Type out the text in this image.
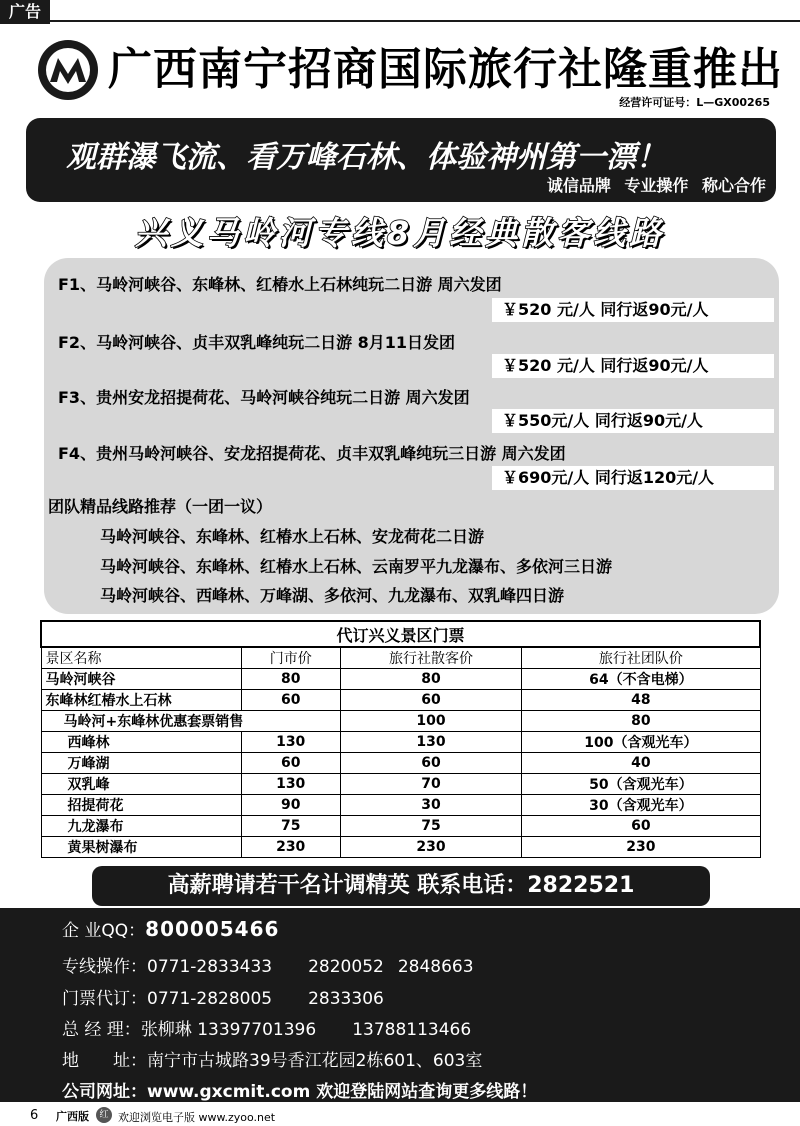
广告
广西南宁招商国际旅行社隆重推出
经营许可证号：L—GX00265
观群瀑飞流、看万峰石林、体验神州第一漂！
诚信品牌 专业操作 称心合作
兴义马岭河专线8月经典散客线路
F1、马岭河峡谷、东峰林、红椿水上石林纯玩二日游 周六发团
￥520 元/人 同行返90元/人
F2、马岭河峡谷、贞丰双乳峰纯玩二日游 8月11日发团
￥520 元/人 同行返90元/人
F3、贵州安龙招提荷花、马岭河峡谷纯玩二日游 周六发团
￥550元/人 同行返90元/人
F4、贵州马岭河峡谷、安龙招提荷花、贞丰双乳峰纯玩三日游 周六发团
￥690元/人 同行返120元/人
团队精品线路推荐（一团一议）
马岭河峡谷、东峰林、红椿水上石林、安龙荷花二日游
马岭河峡谷、东峰林、红椿水上石林、云南罗平九龙瀑布、多依河三日游
马岭河峡谷、西峰林、万峰湖、多依河、九龙瀑布、双乳峰四日游
代订兴义景区门票			
景区名称	门市价	旅行社散客价	旅行社团队价
马岭河峡谷	80	80	64（不含电梯）
东峰林红椿水上石林	60	60	48
马岭河+东峰林优惠套票销售		100	80
西峰林	130	130	100（含观光车）
万峰湖	60	60	40
双乳峰	130	70	50（含观光车）
招提荷花	90	30	30（含观光车）
九龙瀑布	75	75	60
黄果树瀑布	230	230	230
高薪聘请若干名计调精英 联系电话：2822521
企 业QQ：800005466
专线操作：0771-2833433 2820052 2848663
门票代订：0771-2828005 2833306
总 经 理：张柳琳 13397701396 13788113466
地　　址：南宁市古城路39号香江花园2栋601、603室
公司网址：www.gxcmit.com 欢迎登陆网站查询更多线路！
6 广西版	红 欢迎浏览电子版 www.zyoo.net
